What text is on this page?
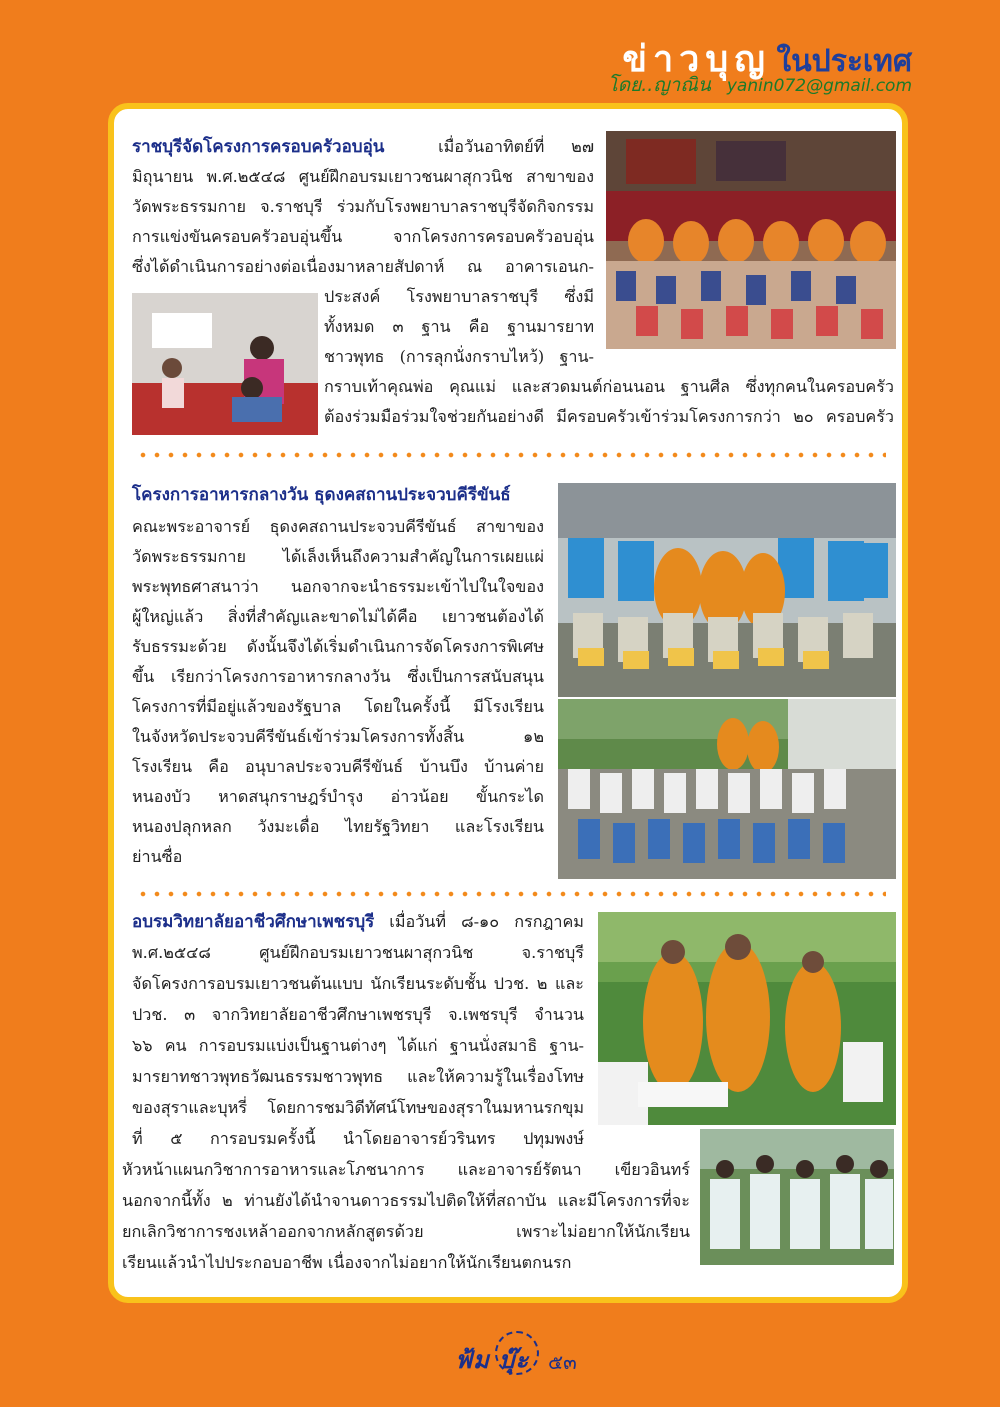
ข่าวบุญ ในประเทศ
โดย..ญาณิน yanin072@gmail.com
ราชบุรีจัดโครงการครอบครัวอบอุ่น	เมื่อวันอาทิตย์ที่ ๒๗
มิถุนายน พ.ศ.๒๕๔๘ ศูนย์ฝึกอบรมเยาวชนผาสุกวนิช สาขาของ
วัดพระธรรมกาย จ.ราชบุรี ร่วมกับโรงพยาบาลราชบุรีจัดกิจกรรม
การแข่งขันครอบครัวอบอุ่นขึ้น จากโครงการครอบครัวอบอุ่น
ซึ่งได้ดำเนินการอย่างต่อเนื่องมาหลายสัปดาห์ ณ อาคารเอนก-
ประสงค์ โรงพยาบาลราชบุรี ซึ่งมี
ทั้งหมด ๓ ฐาน คือ ฐานมารยาท
ชาวพุทธ (การลุกนั่งกราบไหว้) ฐาน-
กราบเท้าคุณพ่อ คุณแม่ และสวดมนต์ก่อนนอน ฐานศีล ซึ่งทุกคนในครอบครัว
ต้องร่วมมือร่วมใจช่วยกันอย่างดี มีครอบครัวเข้าร่วมโครงการกว่า ๒๐ ครอบครัว
โครงการอาหารกลางวัน ธุดงคสถานประจวบคีรีขันธ์
คณะพระอาจารย์ ธุดงคสถานประจวบคีรีขันธ์ สาขาของ
วัดพระธรรมกาย ได้เล็งเห็นถึงความสำคัญในการเผยแผ่
พระพุทธศาสนาว่า นอกจากจะนำธรรมะเข้าไปในใจของ
ผู้ใหญ่แล้ว สิ่งที่สำคัญและขาดไม่ได้คือ เยาวชนต้องได้
รับธรรมะด้วย ดังนั้นจึงได้เริ่มดำเนินการจัดโครงการพิเศษ
ขึ้น เรียกว่าโครงการอาหารกลางวัน ซึ่งเป็นการสนับสนุน
โครงการที่มีอยู่แล้วของรัฐบาล โดยในครั้งนี้ มีโรงเรียน
ในจังหวัดประจวบคีรีขันธ์เข้าร่วมโครงการทั้งสิ้น ๑๒
โรงเรียน คือ อนุบาลประจวบคีรีขันธ์ บ้านบึง บ้านค่าย
หนองบัว หาดสนุกราษฎร์บำรุง อ่าวน้อย ขั้นกระได
หนองปลุกหลก วังมะเดื่อ ไทยรัฐวิทยา และโรงเรียน
ย่านซื่อ
อบรมวิทยาลัยอาชีวศึกษาเพชรบุรี เมื่อวันที่ ๘-๑๐ กรกฎาคม
พ.ศ.๒๕๔๘ ศูนย์ฝึกอบรมเยาวชนผาสุกวนิช จ.ราชบุรี
จัดโครงการอบรมเยาวชนต้นแบบ นักเรียนระดับชั้น ปวช. ๒ และ
ปวช. ๓ จากวิทยาลัยอาชีวศึกษาเพชรบุรี จ.เพชรบุรี จำนวน
๖๖ คน การอบรมแบ่งเป็นฐานต่างๆ ได้แก่ ฐานนั่งสมาธิ ฐาน-
มารยาทชาวพุทธวัฒนธรรมชาวพุทธ และให้ความรู้ในเรื่องโทษ
ของสุราและบุหรี่ โดยการชมวิดีทัศน์โทษของสุราในมหานรกขุม
ที่ ๕ การอบรมครั้งนี้ นำโดยอาจารย์วรินทร ปทุมพงษ์
หัวหน้าแผนกวิชาการอาหารและโภชนาการ และอาจารย์รัตนา เขียวอินทร์
นอกจากนี้ทั้ง ๒ ท่านยังได้นำจานดาวธรรมไปติดให้ที่สถาบัน และมีโครงการที่จะ
ยกเลิกวิชาการชงเหล้าออกจากหลักสูตรด้วย เพราะไม่อยากให้นักเรียน
เรียนแล้วนำไปประกอบอาชีพ เนื่องจากไม่อยากให้นักเรียนตกนรก
ฟ้ม บุ๊ะ ๕๓
